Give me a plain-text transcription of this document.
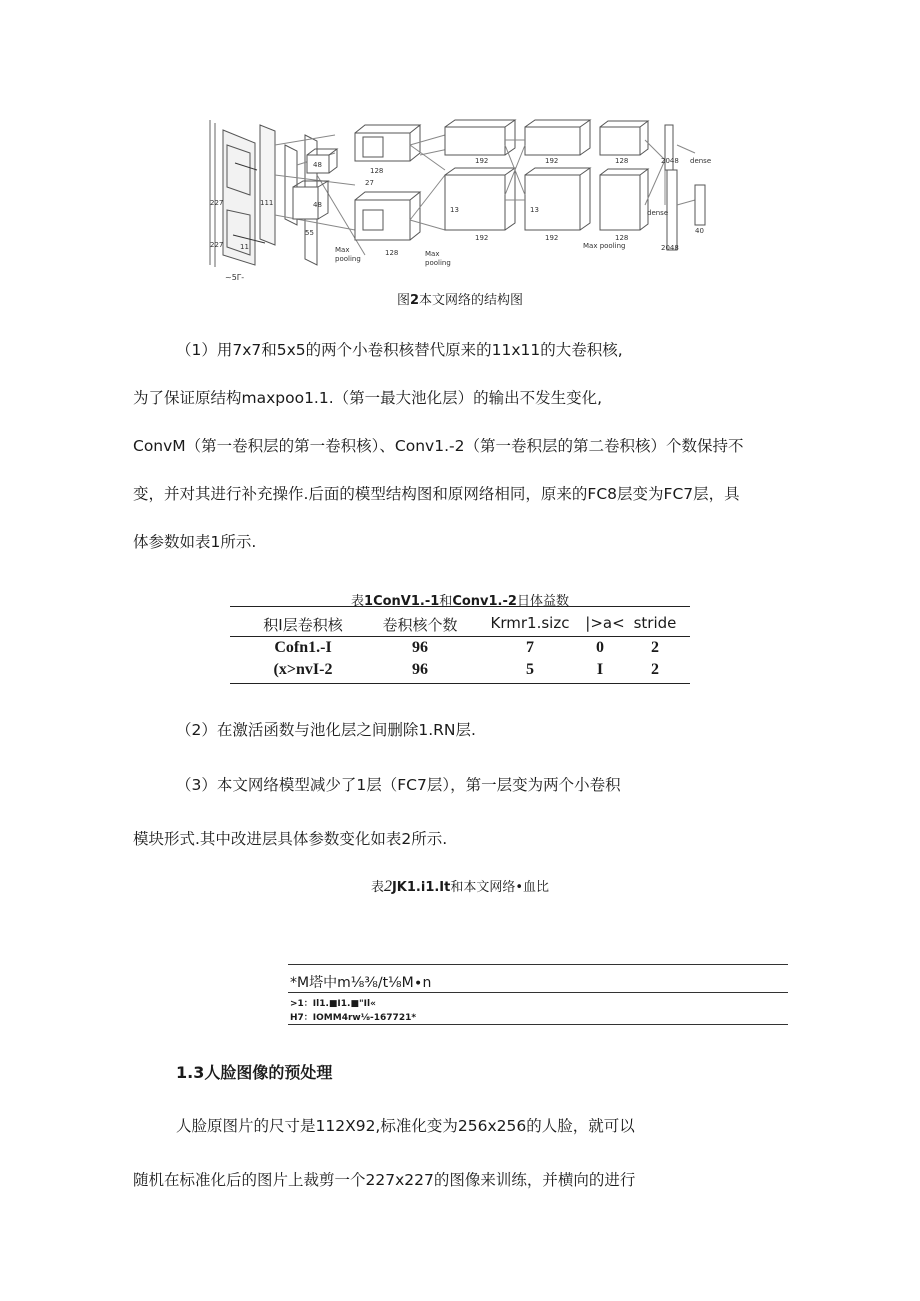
227
227 11
111
55
48
48
128
128
27
13	13
192
192
192
192
128
128
2048
2048
dense
dense
40
Max
pooling
Max
pooling
Max pooling
~5Γ-
图2本文网络的结构图
（1）用7x7和5x5的两个小卷积核替代原来的11x11的大卷积核,
为了保证原结构maxpoo1.1.（第一最大池化层）的输出不发生变化,
ConvM（第一卷积层的第一卷积核）、Conv1.-2（第一卷积层的第二卷积核）个数保持不
变，并对其进行补充操作.后面的模型结构图和原网络相同，原来的FC8层变为FC7层，具
体参数如表1所示.
表1ConV1.-1和Conv1.-2日体益数
积I层卷积核	卷积核个数	Krmr1.sizc	|>a< stride
Cofn1.-I	96	7	0	2
(x>nvI-2	96	5	I	2
（2）在激活函数与池化层之间删除1.RN层.
（3）本文网络模型减少了1层（FC7层），第一层变为两个小卷积
模块形式.其中改进层具体参数变化如表2所示.
表2JK1.i1.It和本文网络•血比
*M塔中m⅛⅜∕t⅛M∙n
>1：Il1.■I1.■"Il«
H7：IOMM4rw⅛-167721*
1.3人脸图像的预处理
人脸原图片的尺寸是112X92,标准化变为256x256的人脸，就可以
随机在标准化后的图片上裁剪一个227x227的图像来训练，并横向的进行
